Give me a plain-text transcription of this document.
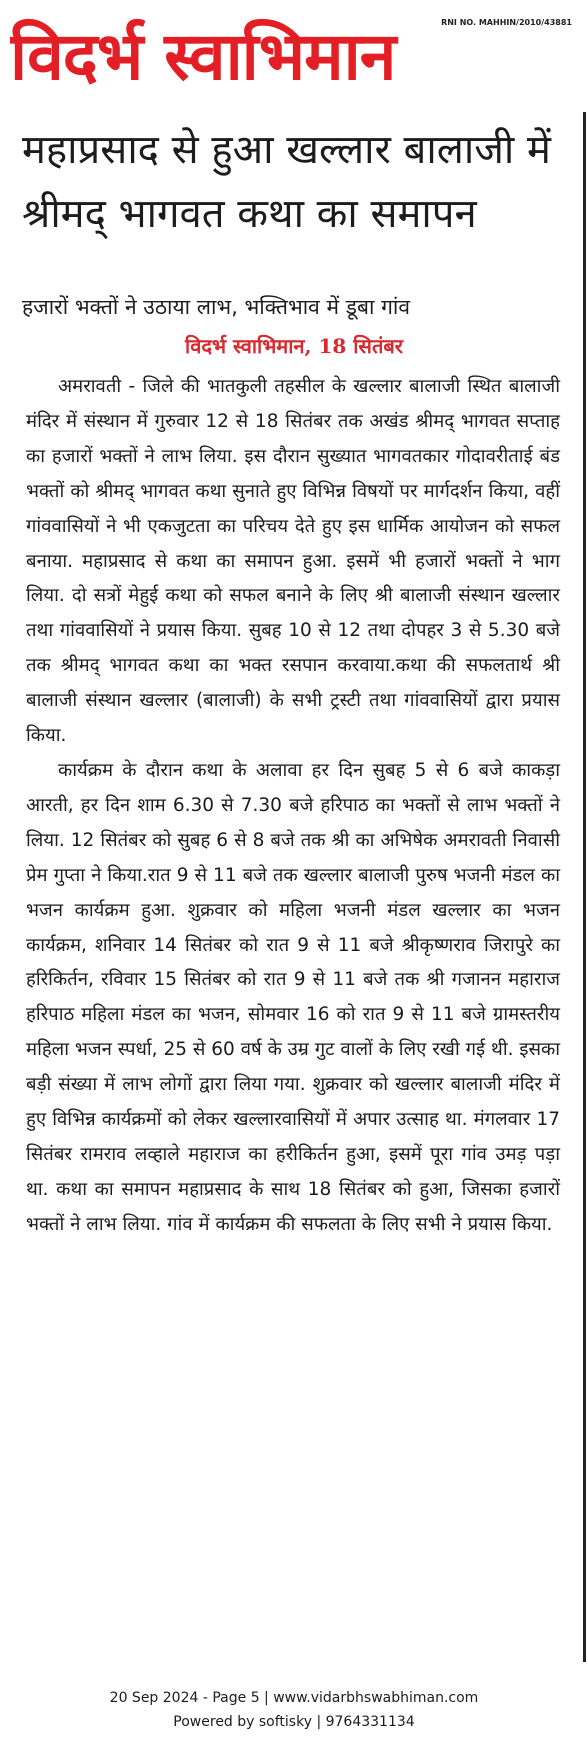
विदर्भ स्वाभिमान	RNI NO. MAHHIN/2010/43881
महाप्रसाद से हुआ खल्लार बालाजी में श्रीमद् भागवत कथा का समापन
हजारों भक्तों ने उठाया लाभ, भक्तिभाव में डूबा गांव
विदर्भ स्वाभिमान, 18 सितंबर

अमरावती - जिले की भातकुली तहसील के खल्लार बालाजी स्थित बालाजी मंदिर में संस्थान में गुरुवार 12 से 18 सितंबर तक अखंड श्रीमद् भागवत सप्ताह का हजारों भक्तों ने लाभ लिया. इस दौरान सुख्यात भागवतकार गोदावरीताई बंड भक्तों को श्रीमद् भागवत कथा सुनाते हुए विभिन्न विषयों पर मार्गदर्शन किया, वहीं गांववासियों ने भी एकजुटता का परिचय देते हुए इस धार्मिक आयोजन को सफल बनाया. महाप्रसाद से कथा का समापन हुआ. इसमें भी हजारों भक्तों ने भाग लिया. दो सत्रों मेहुई कथा को सफल बनाने के लिए श्री बालाजी संस्थान खल्लार तथा गांववासियों ने प्रयास किया. सुबह 10 से 12 तथा दोपहर 3 से 5.30 बजे तक श्रीमद् भागवत कथा का भक्त रसपान करवाया.कथा की सफलतार्थ श्री बालाजी संस्थान खल्लार (बालाजी) के सभी ट्रस्टी तथा गांववासियों द्वारा प्रयास किया.

कार्यक्रम के दौरान कथा के अलावा हर दिन सुबह 5 से 6 बजे काकड़ा आरती, हर दिन शाम 6.30 से 7.30 बजे हरिपाठ का भक्तों से लाभ भक्तों ने लिया. 12 सितंबर को सुबह 6 से 8 बजे तक श्री का अभिषेक अमरावती निवासी प्रेम गुप्ता ने किया.रात 9 से 11 बजे तक खल्लार बालाजी पुरुष भजनी मंडल का भजन कार्यक्रम हुआ. शुक्रवार को महिला भजनी मंडल खल्लार का भजन कार्यक्रम, शनिवार 14 सितंबर को रात 9 से 11 बजे श्रीकृष्णराव जिरापुरे का हरिकिर्तन, रविवार 15 सितंबर को रात 9 से 11 बजे तक श्री गजानन महाराज हरिपाठ महिला मंडल का भजन, सोमवार 16 को रात 9 से 11 बजे ग्रामस्तरीय महिला भजन स्पर्धा, 25 से 60 वर्ष के उम्र गुट वालों के लिए रखी गई थी. इसका बड़ी संख्या में लाभ लोगों द्वारा लिया गया. शुक्रवार को खल्लार बालाजी मंदिर में हुए विभिन्न कार्यक्रमों को लेकर खल्लारवासियों में अपार उत्साह था. मंगलवार 17 सितंबर रामराव लव्हाले महाराज का हरीकिर्तन हुआ, इसमें पूरा गांव उमड़ पड़ा था. कथा का समापन महाप्रसाद के साथ 18 सितंबर को हुआ, जिसका हजारों भक्तों ने लाभ लिया. गांव में कार्यक्रम की सफलता के लिए सभी ने प्रयास किया.

20 Sep 2024 - Page 5 | www.vidarbhswabhiman.com
Powered by softisky | 9764331134
